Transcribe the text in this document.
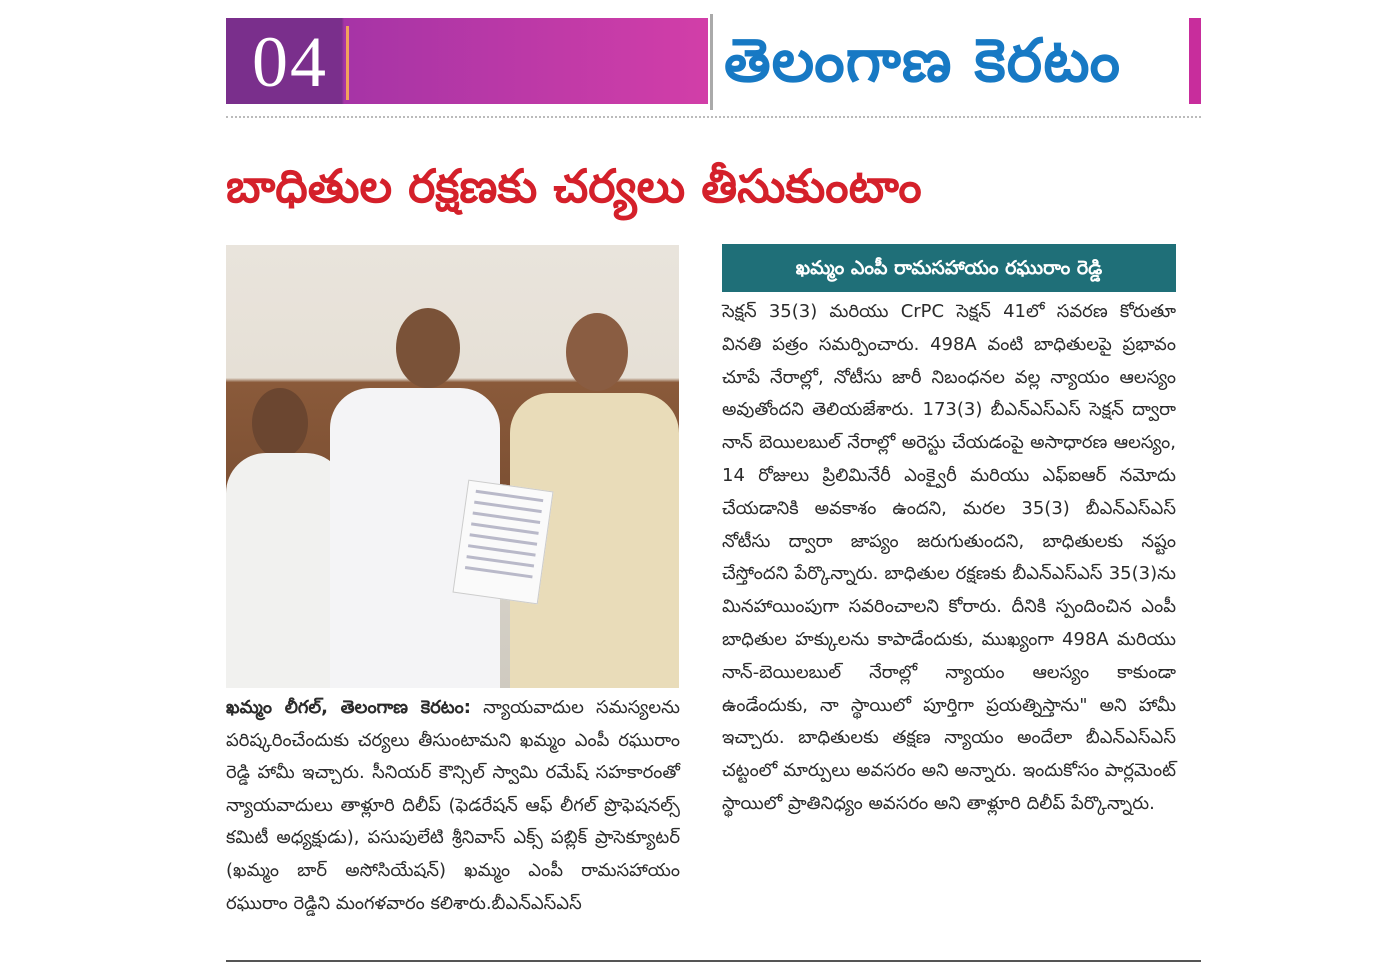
04	తెలంగాణ కెరటం
బాధితుల రక్షణకు చర్యలు తీసుకుంటాం
ఖమ్మం లీగల్, తెలంగాణ కెరటం: న్యాయవాదుల సమస్యలను పరిష్కరించేందుకు చర్యలు తీసుంటామని ఖమ్మం ఎంపీ రఘురాం రెడ్డి హామీ ఇచ్చారు. సీనియర్ కౌన్సిల్ స్వామి రమేష్ సహకారంతో న్యాయవాదులు తాళ్లూరి దిలీప్ (ఫెడరేషన్ ఆఫ్ లీగల్ ప్రొఫెషనల్స్ కమిటీ అధ్యక్షుడు), పసుపులేటి శ్రీనివాస్ ఎక్స్ పబ్లిక్ ప్రాసెక్యూటర్ (ఖమ్మం బార్ అసోసియేషన్) ఖమ్మం ఎంపీ రామసహాయం రఘురాం రెడ్డిని మంగళవారం కలిశారు.బీఎన్ఎస్ఎస్
ఖమ్మం ఎంపీ రామసహాయం రఘురాం రెడ్డి
సెక్షన్ 35(3) మరియు CrPC సెక్షన్ 41లో సవరణ కోరుతూ వినతి పత్రం సమర్పించారు. 498A వంటి బాధితులపై ప్రభావం చూపే నేరాల్లో, నోటీసు జారీ నిబంధనల వల్ల న్యాయం ఆలస్యం అవుతోందని తెలియజేశారు. 173(3) బీఎన్ఎస్ఎస్ సెక్షన్ ద్వారా నాన్ బెయిలబుల్ నేరాల్లో అరెస్టు చేయడంపై అసాధారణ ఆలస్యం, 14 రోజులు ప్రిలిమినేరీ ఎంక్వైరీ మరియు ఎఫ్ఐఆర్ నమోదు చేయడానికి అవకాశం ఉందని, మరల 35(3) బీఎన్ఎస్ఎస్ నోటీసు ద్వారా జాప్యం జరుగుతుందని, బాధితులకు నష్టం చేస్తోందని పేర్కొన్నారు. బాధితుల రక్షణకు బీఎన్ఎస్ఎస్ 35(3)ను మినహాయింపుగా సవరించాలని కోరారు. దీనికి స్పందించిన ఎంపీ బాధితుల హక్కులను కాపాడేందుకు, ముఖ్యంగా 498A మరియు నాన్-బెయిలబుల్ నేరాల్లో న్యాయం ఆలస్యం కాకుండా ఉండేందుకు, నా స్థాయిలో పూర్తిగా ప్రయత్నిస్తాను" అని హామీ ఇచ్చారు. బాధితులకు తక్షణ న్యాయం అందేలా బీఎన్ఎస్ఎస్ చట్టంలో మార్పులు అవసరం అని అన్నారు. ఇందుకోసం పార్లమెంట్ స్థాయిలో ప్రాతినిధ్యం అవసరం అని తాళ్లూరి దిలీప్ పేర్కొన్నారు.
